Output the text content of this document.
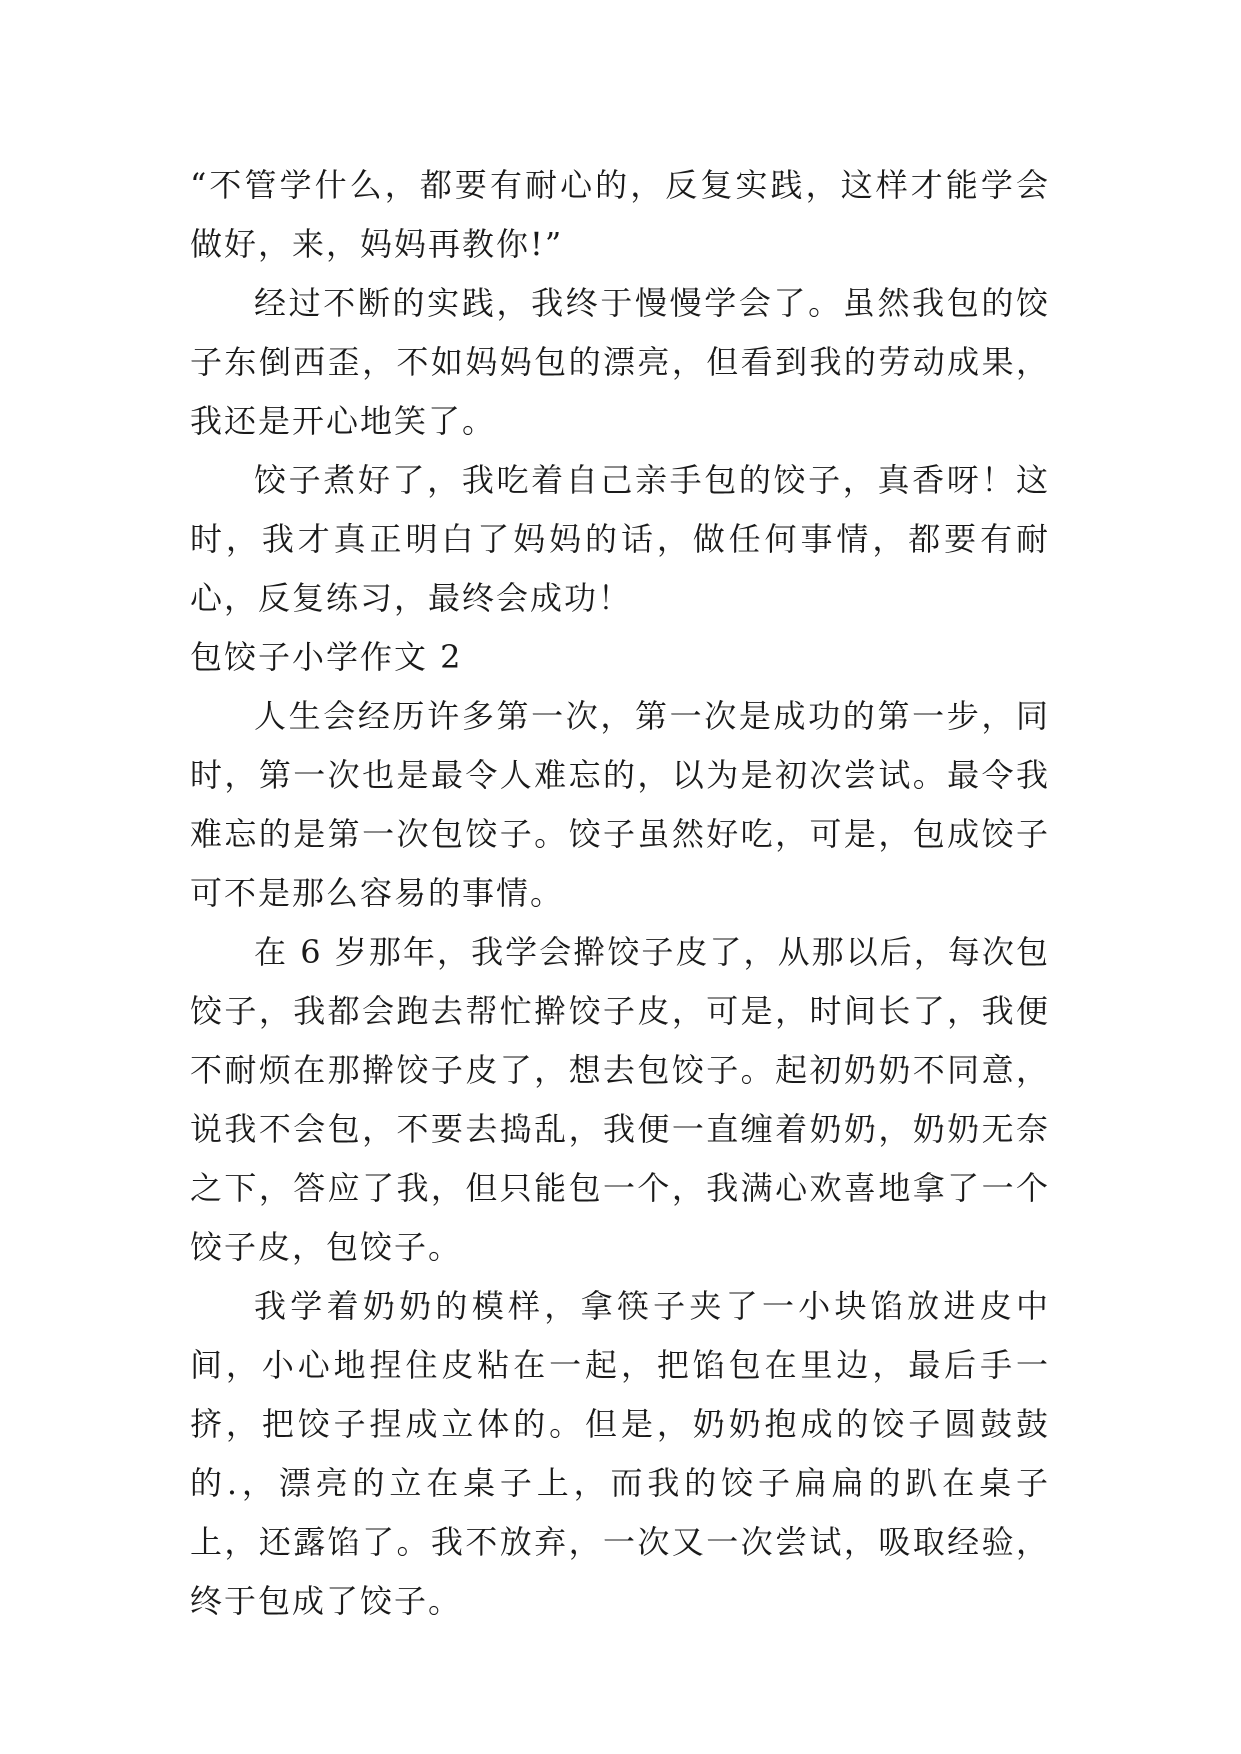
“不管学什么，都要有耐心的，反复实践，这样才能学会做好，来，妈妈再教你!”

经过不断的实践，我终于慢慢学会了。虽然我包的饺子东倒西歪，不如妈妈包的漂亮，但看到我的劳动成果，我还是开心地笑了。

饺子煮好了，我吃着自己亲手包的饺子，真香呀！这时，我才真正明白了妈妈的话，做任何事情，都要有耐心，反复练习，最终会成功！

包饺子小学作文 2

人生会经历许多第一次，第一次是成功的第一步，同时，第一次也是最令人难忘的，以为是初次尝试。最令我难忘的是第一次包饺子。饺子虽然好吃，可是，包成饺子可不是那么容易的事情。

在 6 岁那年，我学会擀饺子皮了，从那以后，每次包饺子，我都会跑去帮忙擀饺子皮，可是，时间长了，我便不耐烦在那擀饺子皮了，想去包饺子。起初奶奶不同意，说我不会包，不要去捣乱，我便一直缠着奶奶，奶奶无奈之下，答应了我，但只能包一个，我满心欢喜地拿了一个饺子皮，包饺子。

我学着奶奶的模样，拿筷子夹了一小块馅放进皮中间，小心地捏住皮粘在一起，把馅包在里边，最后手一挤，把饺子捏成立体的。但是，奶奶抱成的饺子圆鼓鼓的.，漂亮的立在桌子上，而我的饺子扁扁的趴在桌子上，还露馅了。我不放弃，一次又一次尝试，吸取经验，终于包成了饺子。
